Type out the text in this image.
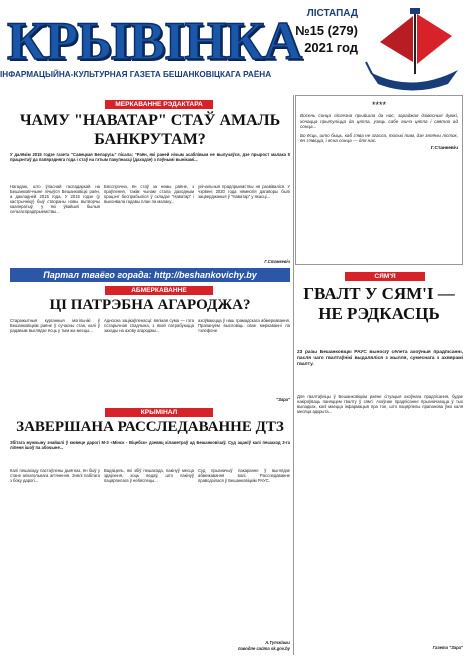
КРЫВІНКА ЛІСТАПАД
№15 (279)
2021 год
ІНФАРМАЦЫЙНА-КУЛЬТУРНАЯ ГАЗЕТА БЕШАНКОВІЦКАГА РАЁНА
МЕРКАВАННЕ РЭДАКТАРА
ЧАМУ "НАВАТАР" СТАЎ АМАЛЬ БАНКРУТАМ?
У далёкім 2015 годзе газета "Савецкая Беларусь" пісала: "Раён, які раней нічым асаблівым не вылучаўся, дзе прырост малака 5 працэнтаў да папярэдняга года і стаў на гэтым пакупнасці (даходзе) з пэўнымі вынікамі...
Нагадаю, што ўласнай гаспадаркай на Бешанковіччыне лічыўся Бешанковіцкі раён, а дакладней 2015 года. У 2015 годзе (у кастрычніку) быў створаны новы вытворчы кааператыў, у які ўвайшлі былыя сельгаспрадпрыемствы...
Бясспрэчна, ён стаў за немы раёне, з праўлення, такім чынам стала даходным працэнт беспрабыліся ў складзе "Наватар" і выконвала гадавы план па малаку...
унічальныя прадпрыемствы ня развіваліся. У чэрвені 2020 года нямногія дагаворы былі зацверджаныя ў "Наватар" у якасці...
Г.Станкевіч
****
Восень сонца ліслезна прыйшла да нас, зараджая дзівосныя думкі, хочацца прытуліцца да цяпла, узяць сабе яшчэ цяпла і святла ад сонца...
Бо ёсць, што быць, каб з'ява не згасла, толькі там, дзе зялёны лісток, ён з'явіцца, і ясна сонца — для нас.
Г.Станкевіч
Партал тваёго горада: http://beshankovichy.by
АБМЕРКАВАННЕ
ЦІ ПАТРЭБНА АГАРОДЖА?
Старажытныя курганныя могільнікі ў Бешанковіцкім раёне ў сучасны стан, калі ў радавым выглядзе ёсць у тым жа месцы...
Адносна зацікаўленасці: вялікая сума — гэта гістарычная спадчына, з якой патрабуюцца захады на ахову агароджы...
ахоўваюцца ў наш грамадскага абмеркавання. Прапануем высловіць свае меркаванні па тэлефоне.
"Зара"
КРЫМІНАЛ
ЗАВЕРШАНА РАССЛЕДАВАННЕ ДТЗ
Збітага мужчыну знайшлі ў кювеце дарогі М-3 «Мінск - Віцебск» дзевяц кіламетраў ад Бешанковічаў. Суд ацаніў калі пешаход 3-га ліпеня ішоў па абочыне...
Калі пешаходу пастаўлены дыягназ, ён быў у стане алкагольнага ап'янення. Знялі пабітага з боку дарогі...
Вадзіцель, які збіў пешахода, пакінуў месца здарэння, хоць ведаў, што пакінуў пацярпелага ў небяспецы...
Суд прызначыў пакаранне ў выглядзе абмежавання волі. Расследаванне праводзілася ў Бешанковіцкім РАУС.
А.Тутэйшы
паводле сайта sk.gov.by
СЯМ'Я
ГВАЛТ У СЯМ'І — НЕ РЭДКАСЦЬ
23 разы Бешанковіцкі РАУС выносіў сёлета ахоўныя прадпісанні, пасля чаго гвалтаўнікі выдаляліся з жылля, сумеснага з ахвярамі гвалту.
Для гвалтаўніцы ў Бешанковіцкім раёне сітуацыя ахоўнага прадпісання, будзе накіроўваць паняццем гвалту ў сям'і. Ахоўнае прадпісанне прызначаецца ў тых выпадках, калі маецца інфармацыя пра тое, што пацярпелы прапанова ўжо каля месяца адкрыта...
Газета "Зара"
